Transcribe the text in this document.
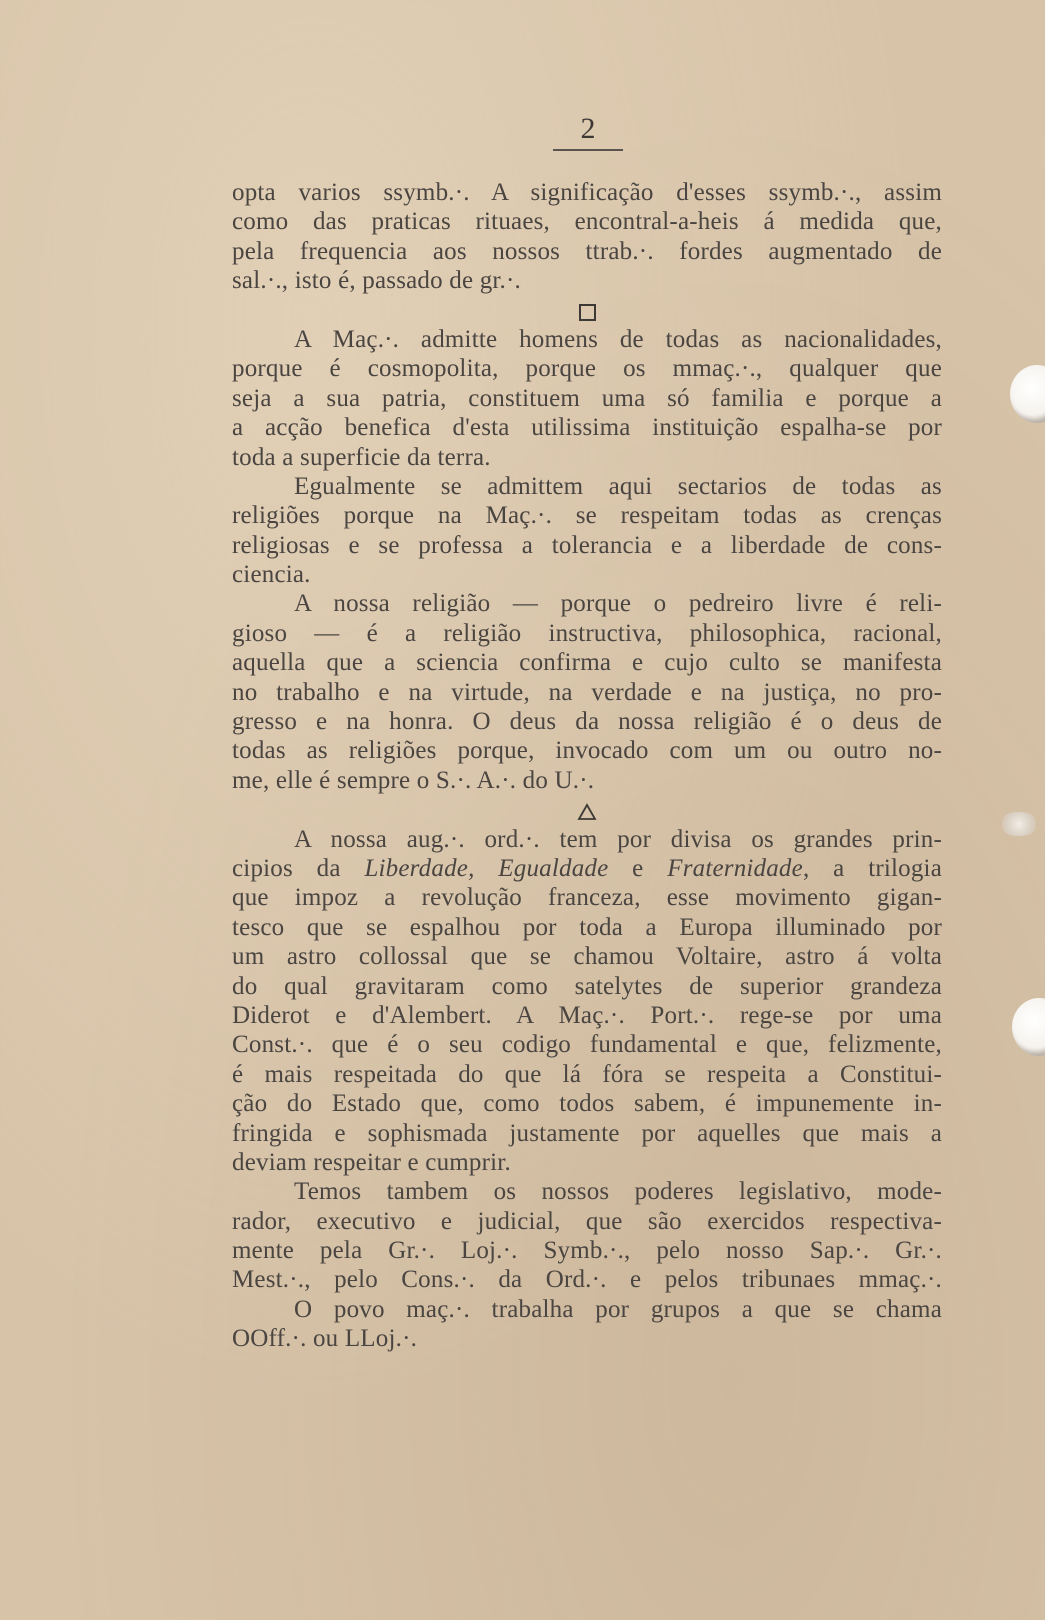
2
opta varios ssymb.·. A significação d'esses ssymb.·., assim
como das praticas rituaes, encontral-a-heis á medida que,
pela frequencia aos nossos ttrab.·. fordes augmentado de
sal.·., isto é, passado de gr.·.
A Maç.·. admitte homens de todas as nacionalidades,
porque é cosmopolita, porque os mmaç.·., qualquer que
seja a sua patria, constituem uma só familia e porque a
a acção benefica d'esta utilissima instituição espalha-se por
toda a superficie da terra.
Egualmente se admittem aqui sectarios de todas as
religiões porque na Maç.·. se respeitam todas as crenças
religiosas e se professa a tolerancia e a liberdade de cons-
ciencia.
A nossa religião — porque o pedreiro livre é reli-
gioso — é a religião instructiva, philosophica, racional,
aquella que a sciencia confirma e cujo culto se manifesta
no trabalho e na virtude, na verdade e na justiça, no pro-
gresso e na honra. O deus da nossa religião é o deus de
todas as religiões porque, invocado com um ou outro no-
me, elle é sempre o S.·. A.·. do U.·.
A nossa aug.·. ord.·. tem por divisa os grandes prin-
cipios da Liberdade, Egualdade e Fraternidade, a trilogia
que impoz a revolução franceza, esse movimento gigan-
tesco que se espalhou por toda a Europa illuminado por
um astro collossal que se chamou Voltaire, astro á volta
do qual gravitaram como satelytes de superior grandeza
Diderot e d'Alembert. A Maç.·. Port.·. rege-se por uma
Const.·. que é o seu codigo fundamental e que, felizmente,
é mais respeitada do que lá fóra se respeita a Constitui-
ção do Estado que, como todos sabem, é impunemente in-
fringida e sophismada justamente por aquelles que mais a
deviam respeitar e cumprir.
Temos tambem os nossos poderes legislativo, mode-
rador, executivo e judicial, que são exercidos respectiva-
mente pela Gr.·. Loj.·. Symb.·., pelo nosso Sap.·. Gr.·.
Mest.·., pelo Cons.·. da Ord.·. e pelos tribunaes mmaç.·.
O povo maç.·. trabalha por grupos a que se chama
OOff.·. ou LLoj.·.
